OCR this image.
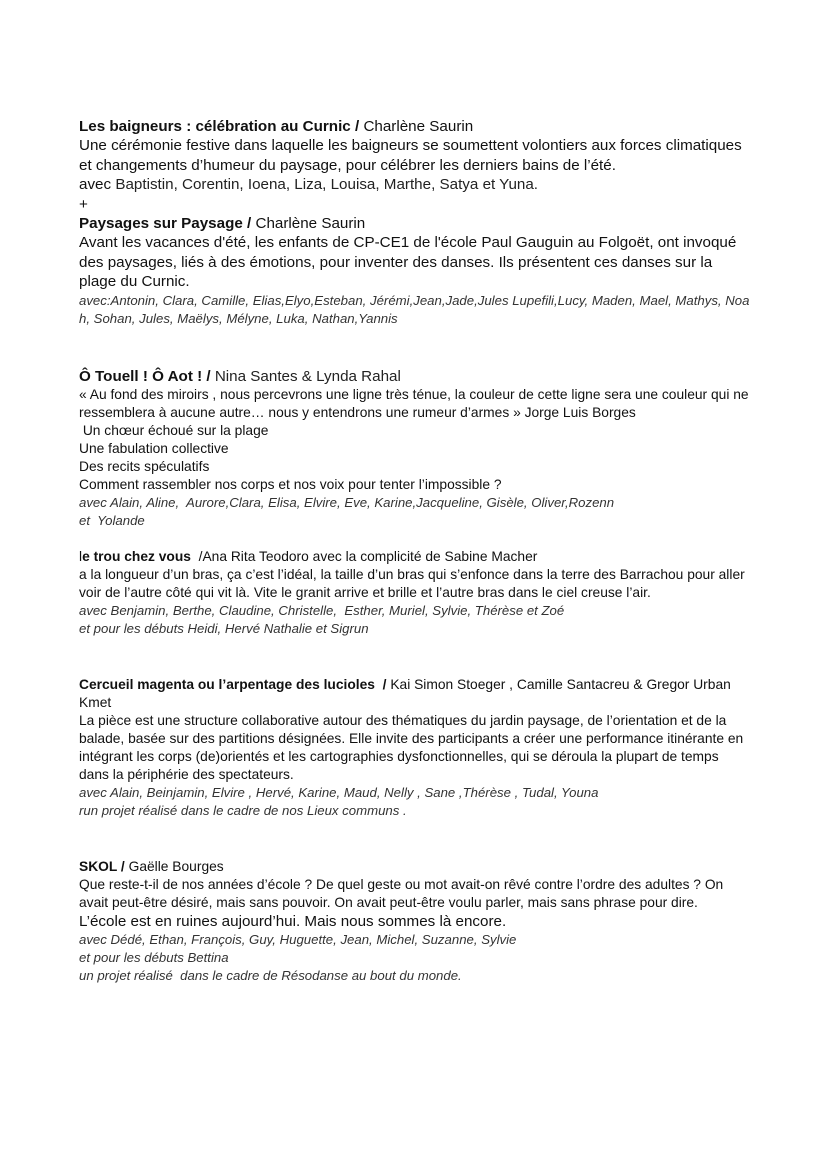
Les baigneurs : célébration au Curnic / Charlène Saurin

Une cérémonie festive dans laquelle les baigneurs se soumettent volontiers aux forces climatiques et changements d’humeur du paysage, pour célébrer les derniers bains de l’été.

avec Baptistin, Corentin, Ioena, Liza, Louisa, Marthe, Satya et Yuna.

+

Paysages sur Paysage / Charlène Saurin

Avant les vacances d'été, les enfants de CP-CE1 de l'école Paul Gauguin au Folgoët, ont invoqué des paysages, liés à des émotions, pour inventer des danses. Ils présentent ces danses sur la plage du Curnic.

avec:Antonin, Clara, Camille, Elias,Elyo,Esteban, Jérémi,Jean,Jade,Jules Lupefili,Lucy, Maden, Mael, Mathys, Noah, Sohan, Jules, Maëlys, Mélyne, Luka, Nathan,Yannis

Ô Touell ! Ô Aot ! / Nina Santes & Lynda Rahal

« Au fond des miroirs , nous percevrons une ligne très ténue, la couleur de cette ligne sera une couleur qui ne ressemblera à aucune autre… nous y entendrons une rumeur d’armes » Jorge Luis Borges

Un chœur échoué sur la plage

Une fabulation collective

Des recits spéculatifs

Comment rassembler nos corps et nos voix pour tenter l’impossible ?

avec Alain, Aline,  Aurore,Clara, Elisa, Elvire, Eve, Karine,Jacqueline, Gisèle, Oliver,Rozenn

et  Yolande

le trou chez vous  /Ana Rita Teodoro avec la complicité de Sabine Macher

a la longueur d’un bras, ça c’est l’idéal, la taille d’un bras qui s’enfonce dans la terre des Barrachou pour aller voir de l’autre côté qui vit là. Vite le granit arrive et brille et l’autre bras dans le ciel creuse l’air.

avec Benjamin, Berthe, Claudine, Christelle,  Esther, Muriel, Sylvie, Thérèse et Zoé

et pour les débuts Heidi, Hervé Nathalie et Sigrun

Cercueil magenta ou l’arpentage des lucioles  / Kai Simon Stoeger , Camille Santacreu & Gregor Urban Kmet

La pièce est une structure collaborative autour des thématiques du jardin paysage, de l’orientation et de la balade, basée sur des partitions désignées. Elle invite des participants a créer une performance itinérante en intégrant les corps (de)orientés et les cartographies dysfonctionnelles, qui se déroula la plupart de temps dans la périphérie des spectateurs.

avec Alain, Beinjamin, Elvire , Hervé, Karine, Maud, Nelly , Sane ,Thérèse , Tudal, Youna

run projet réalisé dans le cadre de nos Lieux communs .

SKOL / Gaëlle Bourges

Que reste-t-il de nos années d’école ? De quel geste ou mot avait-on rêvé contre l’ordre des adultes ? On avait peut-être désiré, mais sans pouvoir. On avait peut-être voulu parler, mais sans phrase pour dire.

L’école est en ruines aujourd’hui. Mais nous sommes là encore.

avec Dédé, Ethan, François, Guy, Huguette, Jean, Michel, Suzanne, Sylvie

et pour les débuts Bettina

un projet réalisé  dans le cadre de Résodanse au bout du monde.
